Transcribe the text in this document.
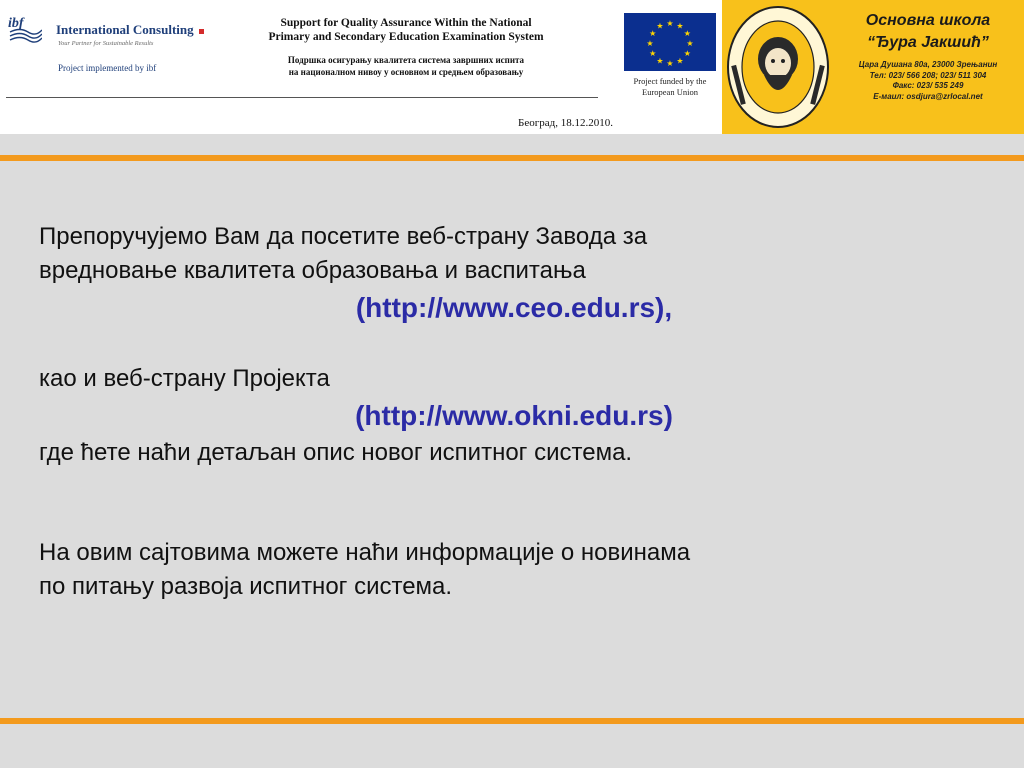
ibf International Consulting
Your Partner for Sustainable Results
Project implemented by ibf
Support for Quality Assurance Within the National
Primary and Secondary Education Examination System
Подршка осигурању квалитета система завршних испита
на националном нивоу у основном и средњем образовању
Београд, 18.12.2010.
★ ★
★
★
★
★
★
★
★
★
★
★
Project funded by the
European Union
Основна школа
“Ђура Јакшић”
Цара Душана 80а, 23000 Зрењанин
Тел: 023/ 566 208; 023/ 511 304
Факс: 023/ 535 249
Е-маил: osdjura@zrlocal.net

Препоручујемо Вам да посетите веб-страну Завода за

вредновање квалитета образовања и васпитања

(http://www.ceo.edu.rs),

као и веб-страну Пројекта

(http://www.okni.edu.rs)

где ћете наћи детаљан опис новог испитног система.

На овим сајтовима можете наћи информације о новинама

по питању развоја испитног система.
